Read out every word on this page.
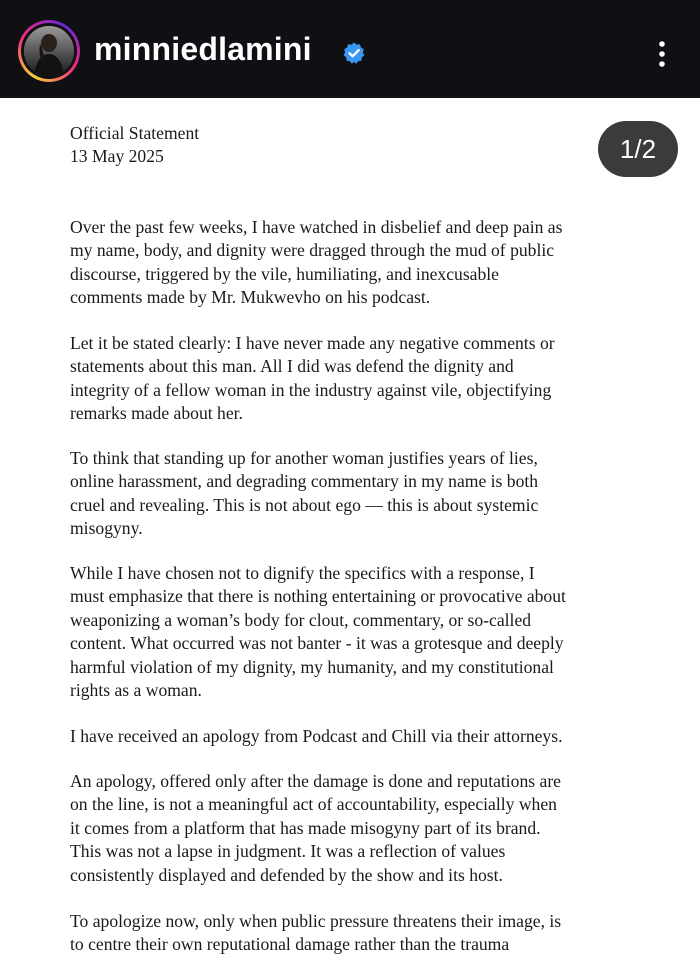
minniedlamini
Official Statement
13 May 2025	1/2
Over the past few weeks, I have watched in disbelief and deep pain as
my name, body, and dignity were dragged through the mud of public
discourse, triggered by the vile, humiliating, and inexcusable
comments made by Mr. Mukwevho on his podcast.
Let it be stated clearly: I have never made any negative comments or
statements about this man. All I did was defend the dignity and
integrity of a fellow woman in the industry against vile, objectifying
remarks made about her.
To think that standing up for another woman justifies years of lies,
online harassment, and degrading commentary in my name is both
cruel and revealing. This is not about ego — this is about systemic
misogyny.
While I have chosen not to dignify the specifics with a response, I
must emphasize that there is nothing entertaining or provocative about
weaponizing a woman’s body for clout, commentary, or so-called
content. What occurred was not banter - it was a grotesque and deeply
harmful violation of my dignity, my humanity, and my constitutional
rights as a woman.
I have received an apology from Podcast and Chill via their attorneys.
An apology, offered only after the damage is done and reputations are
on the line, is not a meaningful act of accountability, especially when
it comes from a platform that has made misogyny part of its brand.
This was not a lapse in judgment. It was a reflection of values
consistently displayed and defended by the show and its host.
To apologize now, only when public pressure threatens their image, is
to centre their own reputational damage rather than the trauma
